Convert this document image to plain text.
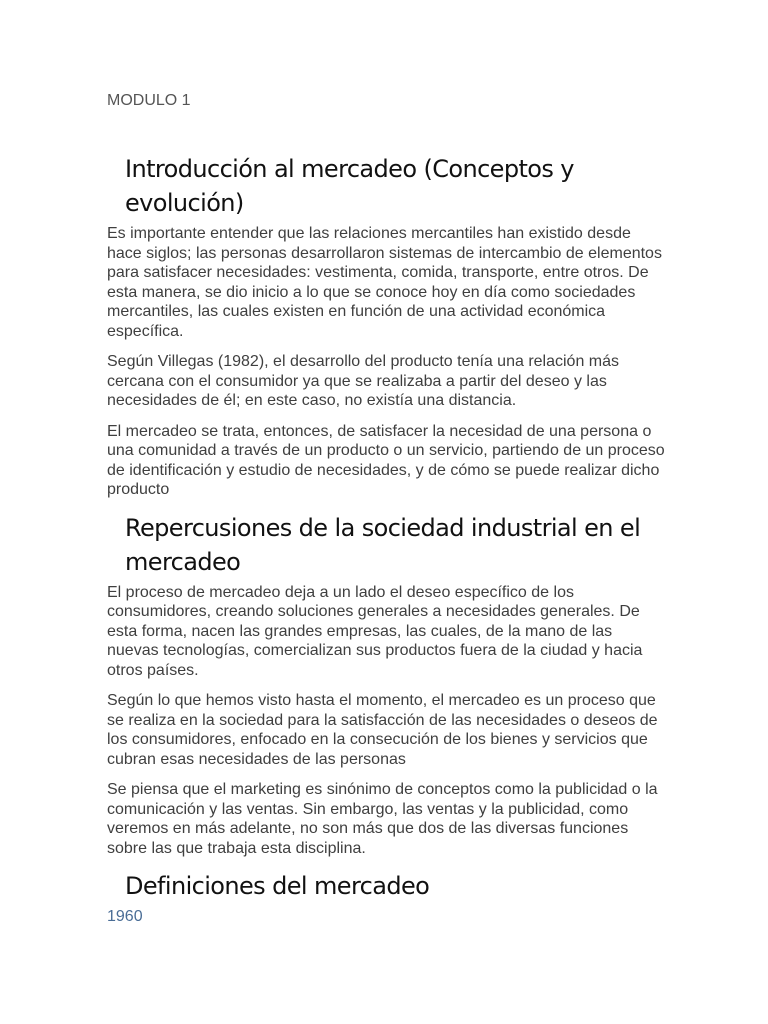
MODULO 1

Introducción al mercadeo (Conceptos y evolución)

Es importante entender que las relaciones mercantiles han existido desde hace siglos; las personas desarrollaron sistemas de intercambio de elementos para satisfacer necesidades: vestimenta, comida, transporte, entre otros. De esta manera, se dio inicio a lo que se conoce hoy en día como sociedades mercantiles, las cuales existen en función de una actividad económica específica.

Según Villegas (1982), el desarrollo del producto tenía una relación más cercana con el consumidor ya que se realizaba a partir del deseo y las necesidades de él; en este caso, no existía una distancia.

El mercadeo se trata, entonces, de satisfacer la necesidad de una persona o una comunidad a través de un producto o un servicio, partiendo de un proceso de identificación y estudio de necesidades, y de cómo se puede realizar dicho producto

Repercusiones de la sociedad industrial en el mercadeo

El proceso de mercadeo deja a un lado el deseo específico de los consumidores, creando soluciones generales a necesidades generales. De esta forma, nacen las grandes empresas, las cuales, de la mano de las nuevas tecnologías, comercializan sus productos fuera de la ciudad y hacia otros países.

Según lo que hemos visto hasta el momento, el mercadeo es un proceso que se realiza en la sociedad para la satisfacción de las necesidades o deseos de los consumidores, enfocado en la consecución de los bienes y servicios que cubran esas necesidades de las personas

Se piensa que el marketing es sinónimo de conceptos como la publicidad o la comunicación y las ventas. Sin embargo, las ventas y la publicidad, como veremos en más adelante, no son más que dos de las diversas funciones sobre las que trabaja esta disciplina.

Definiciones del mercadeo

1960
